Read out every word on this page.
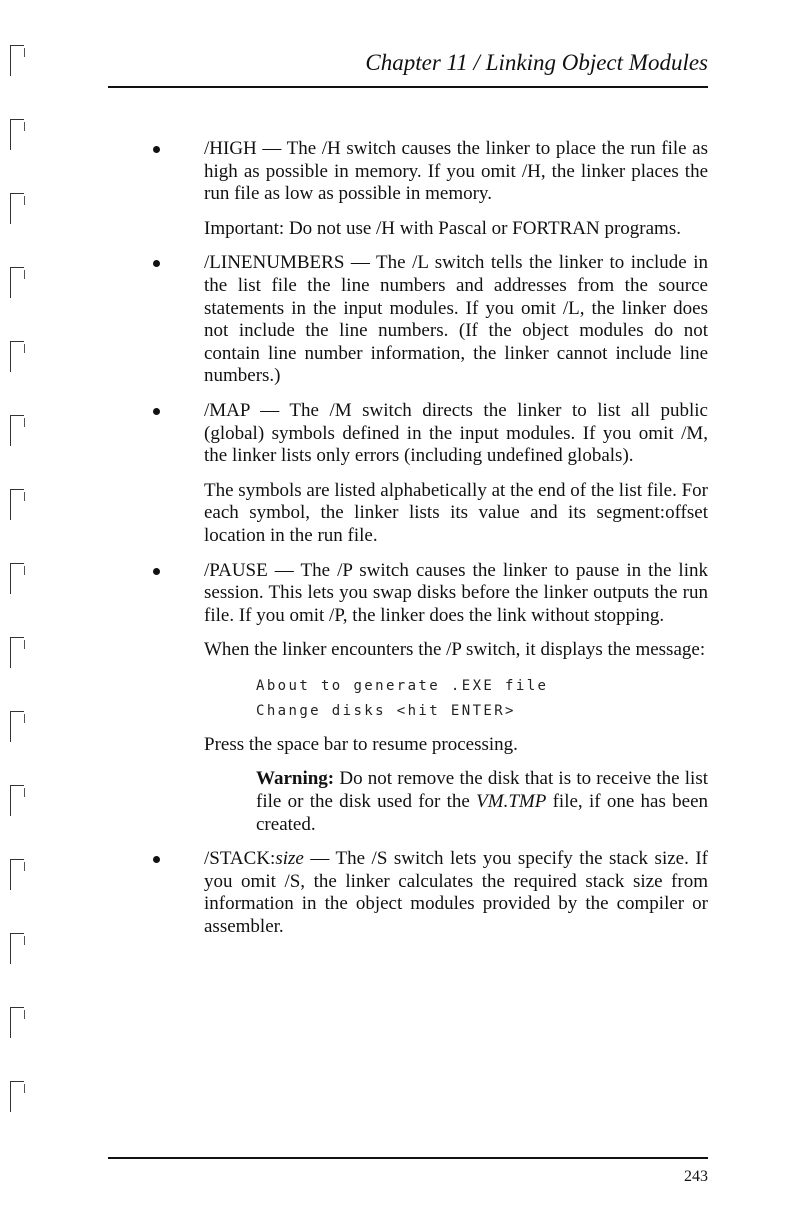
Chapter 11 / Linking Object Modules
/HIGH — The /H switch causes the linker to place the run file as high as possible in memory. If you omit /H, the linker places the run file as low as possible in memory.
Important: Do not use /H with Pascal or FORTRAN programs.
/LINENUMBERS — The /L switch tells the linker to include in the list file the line numbers and addresses from the source statements in the input modules. If you omit /L, the linker does not include the line numbers. (If the object modules do not contain line number information, the linker cannot include line numbers.)
/MAP — The /M switch directs the linker to list all public (global) symbols defined in the input modules. If you omit /M, the linker lists only errors (including undefined globals).
The symbols are listed alphabetically at the end of the list file. For each symbol, the linker lists its value and its segment:offset location in the run file.
/PAUSE — The /P switch causes the linker to pause in the link session. This lets you swap disks before the linker outputs the run file. If you omit /P, the linker does the link without stopping.
When the linker encounters the /P switch, it displays the message:
About to generate .EXE file
Change disks <hit ENTER>
Press the space bar to resume processing.
Warning: Do not remove the disk that is to receive the list file or the disk used for the VM.TMP file, if one has been created.
/STACK:size — The /S switch lets you specify the stack size. If you omit /S, the linker calculates the required stack size from information in the object modules provided by the compiler or assembler.
243
